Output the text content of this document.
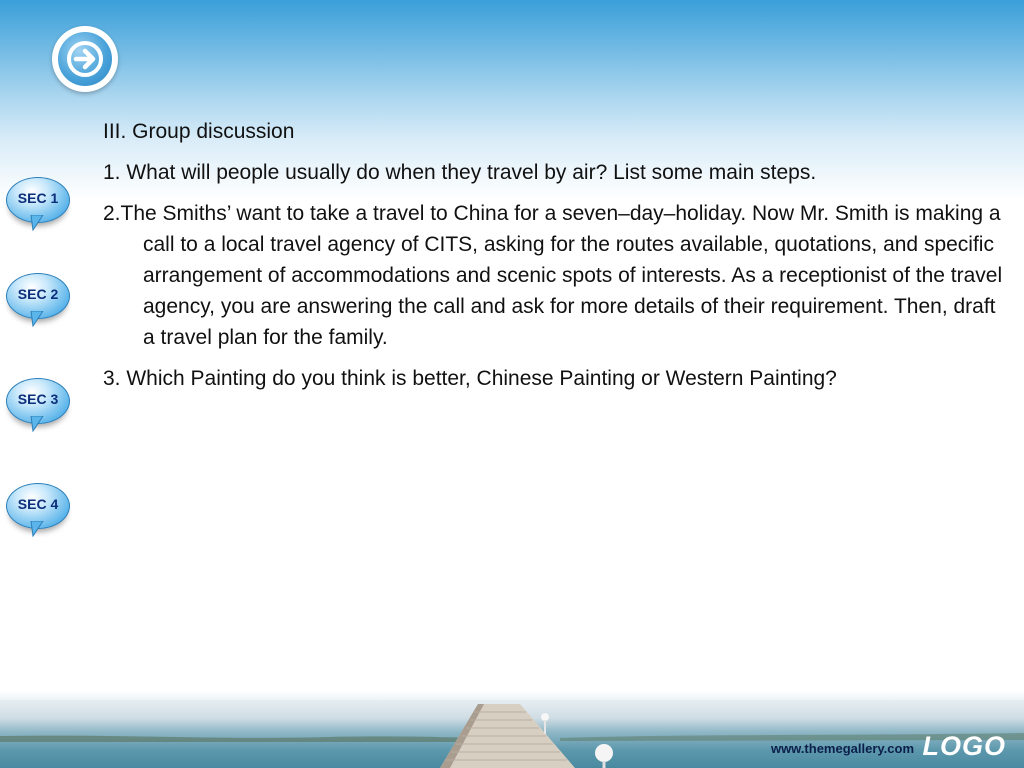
SEC 1
SEC 2
SEC 3
SEC 4

III. Group discussion

1. What will people usually do when they travel by air? List some main steps.

2.The Smiths’ want to take a travel to China for a seven–day–holiday. Now Mr. Smith is making a call to a local travel agency of CITS, asking for the routes available, quotations, and specific arrangement of accommodations and scenic spots of interests. As a receptionist of the travel agency, you are answering the call and ask for more details of their requirement. Then, draft a travel plan for the family.

3. Which Painting do you think is better, Chinese Painting or Western Painting?

www.themegallery.com LOGO
